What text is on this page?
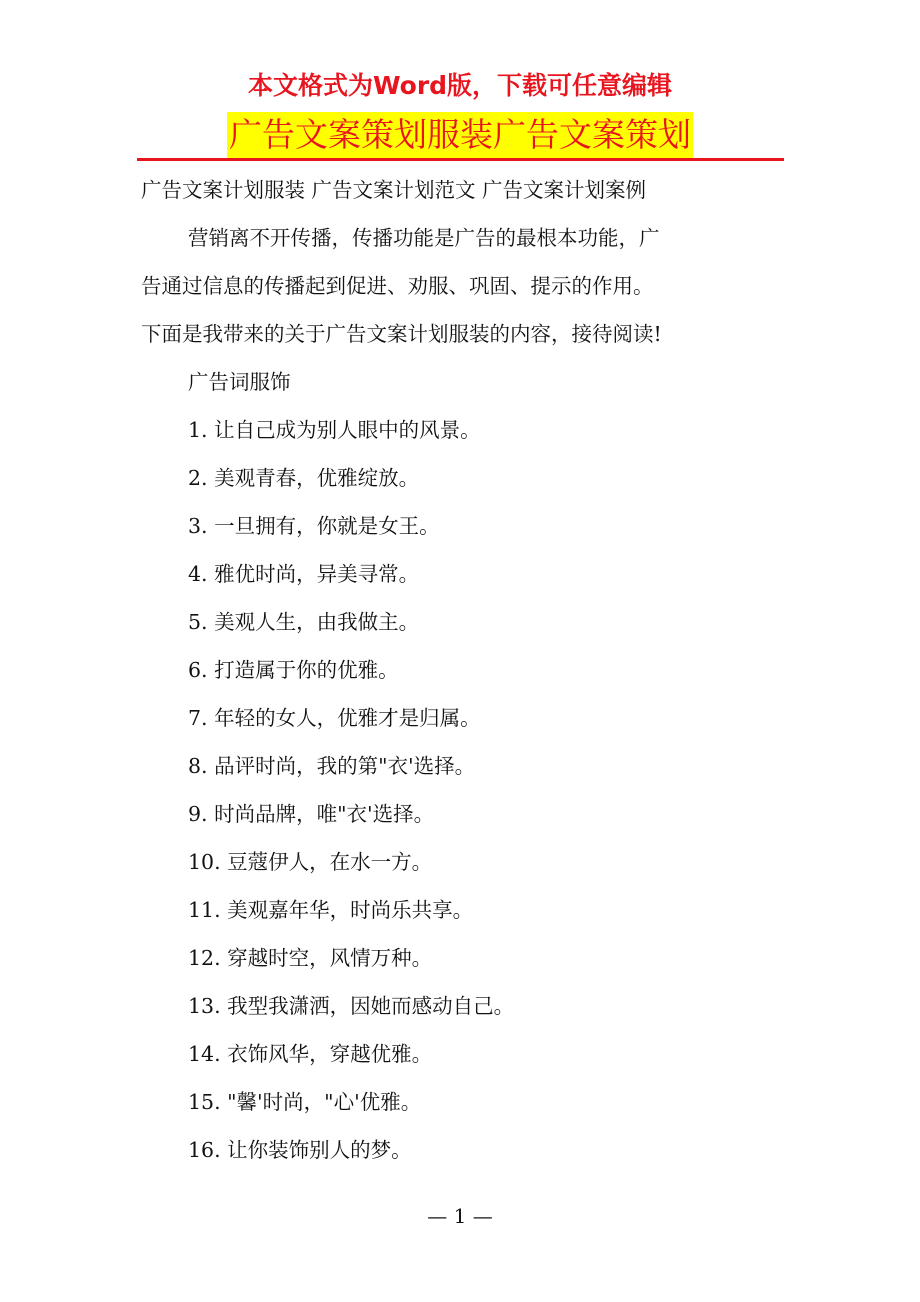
本文格式为Word版，下载可任意编辑
广告文案策划服装广告文案策划

广告文案计划服装 广告文案计划范文 广告文案计划案例

营销离不开传播，传播功能是广告的最根本功能，广

告通过信息的传播起到促进、劝服、巩固、提示的作用。

下面是我带来的关于广告文案计划服装的内容，接待阅读!

广告词服饰

1. 让自己成为别人眼中的风景。
2. 美观青春，优雅绽放。
3. 一旦拥有，你就是女王。
4. 雅优时尚，异美寻常。
5. 美观人生，由我做主。
6. 打造属于你的优雅。
7. 年轻的女人，优雅才是归属。
8. 品评时尚，我的第"衣'选择。
9. 时尚品牌，唯"衣'选择。
10. 豆蔻伊人，在水一方。
11. 美观嘉年华，时尚乐共享。
12. 穿越时空，风情万种。
13. 我型我潇洒，因她而感动自己。
14. 衣饰风华，穿越优雅。
15. "馨'时尚，"心'优雅。
16. 让你装饰别人的梦。
— 1 —
